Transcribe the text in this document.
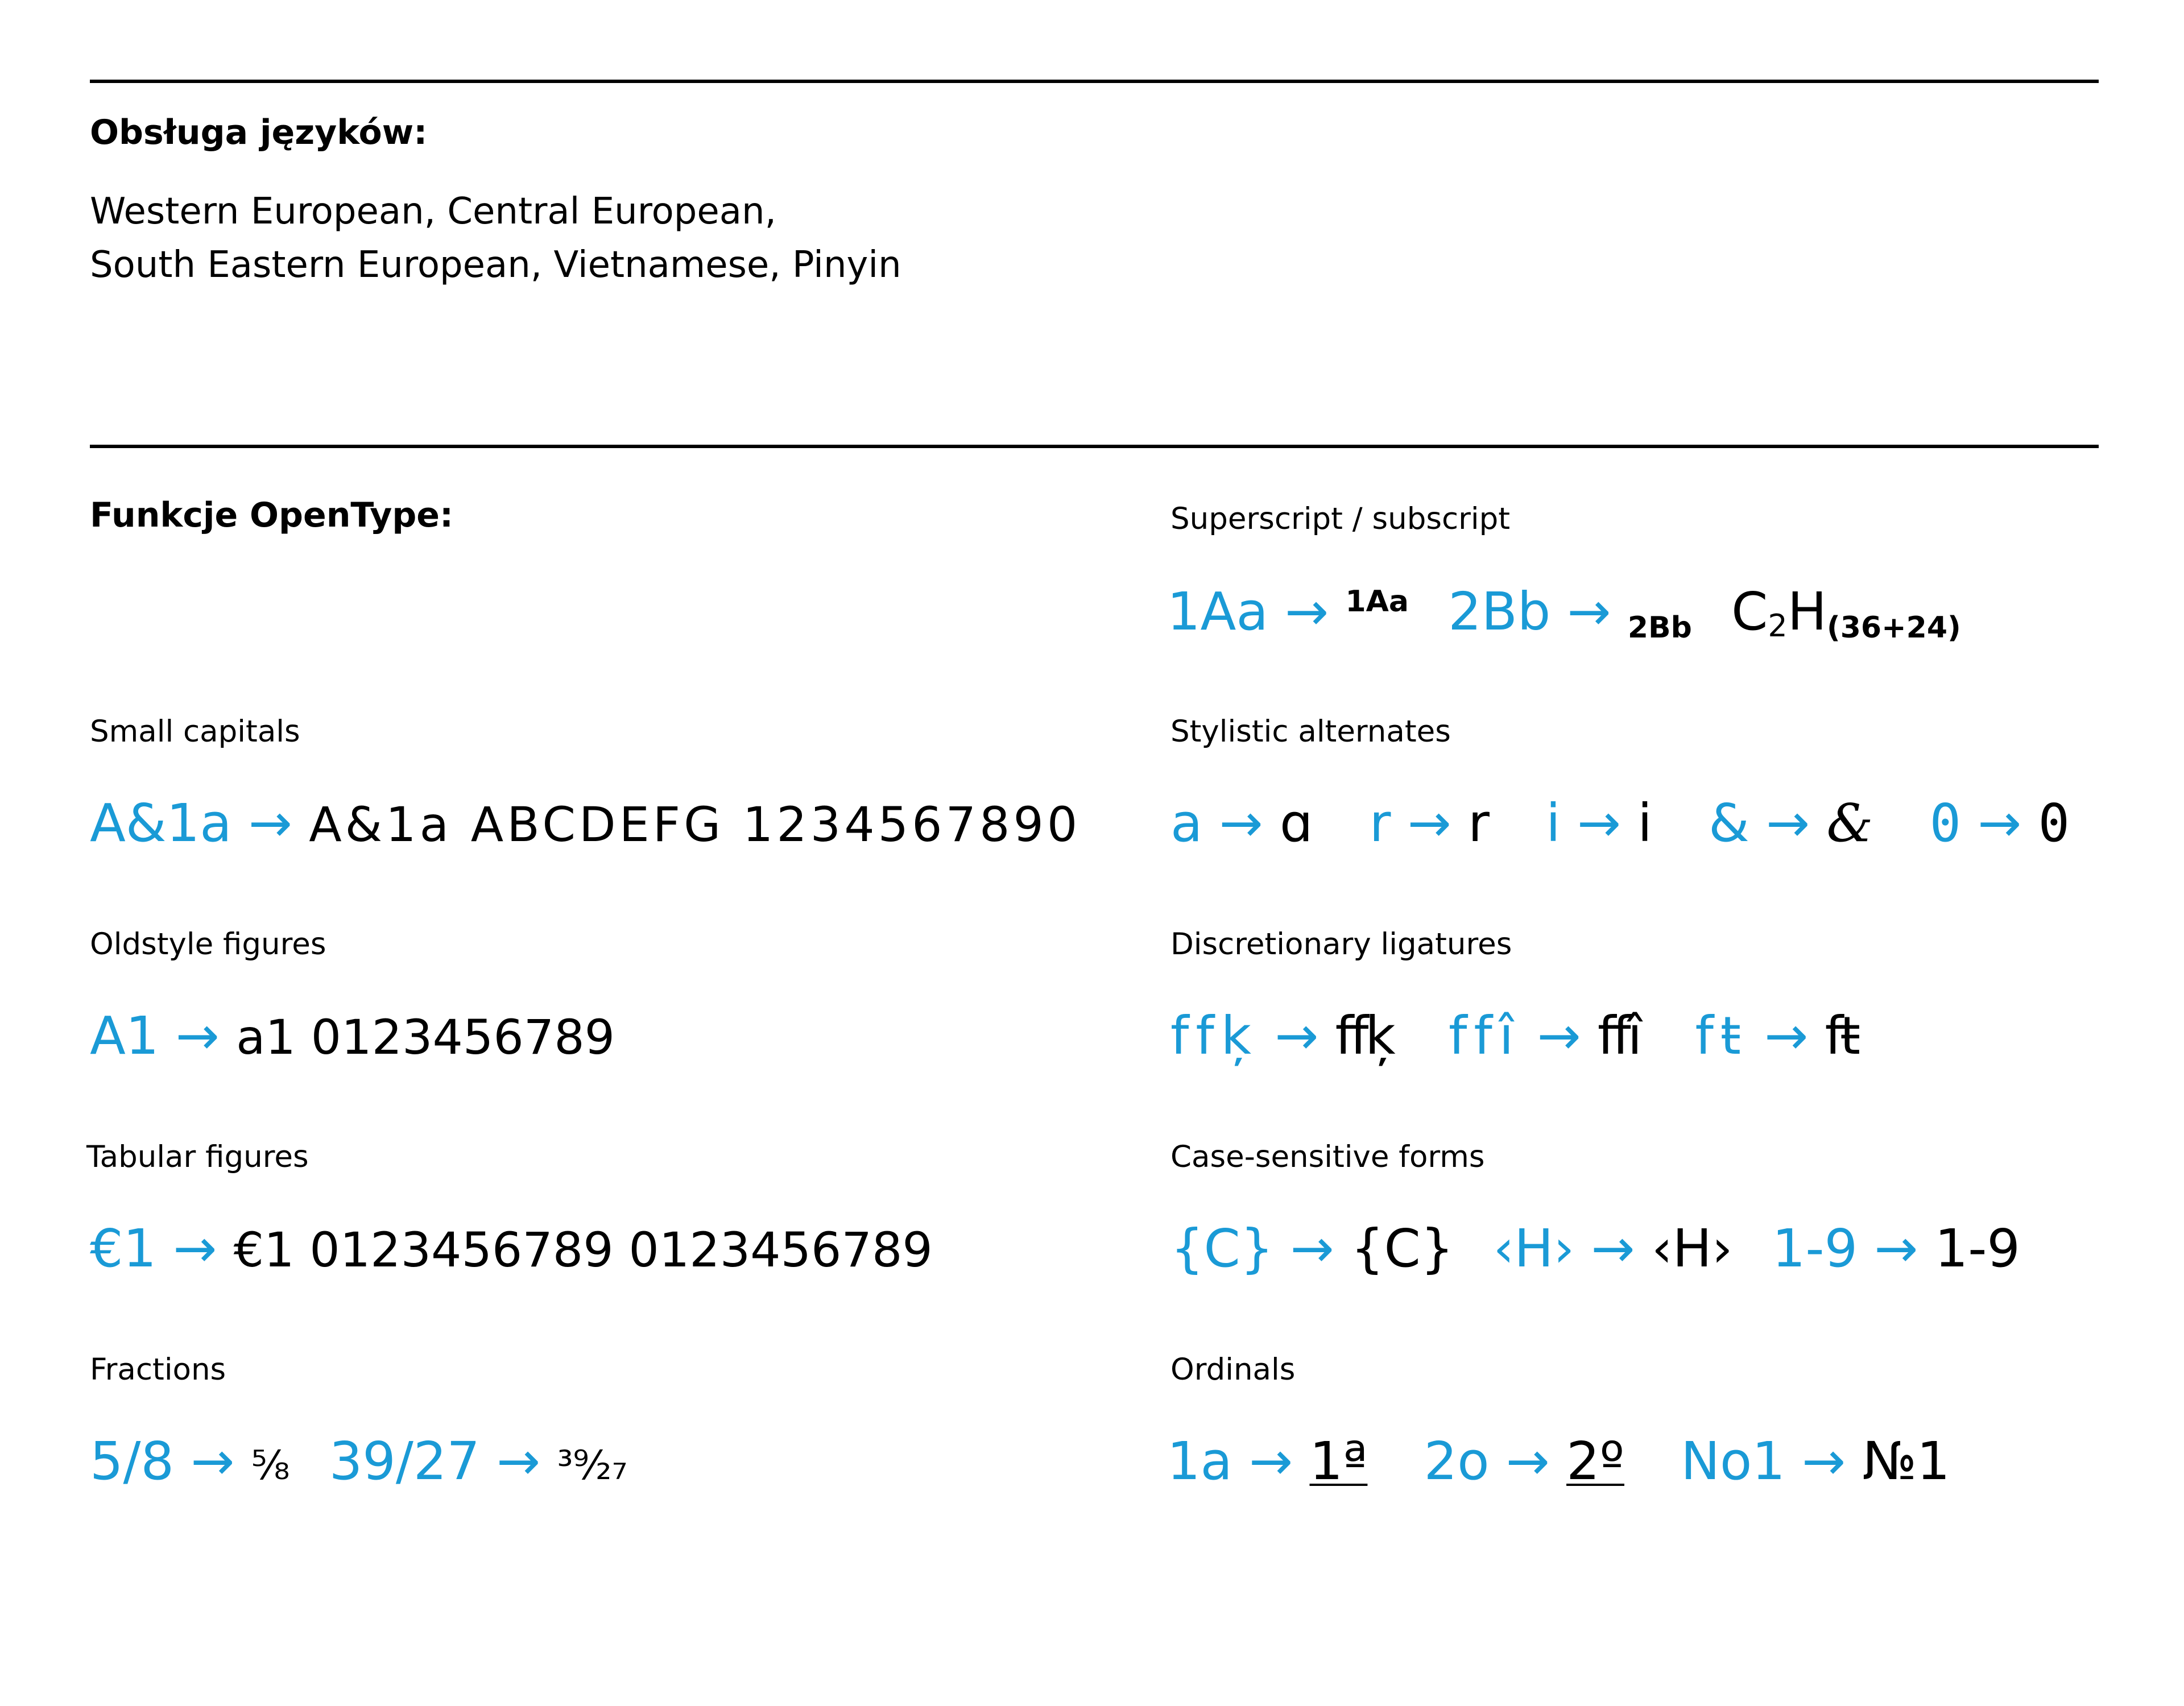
Obsługa języków:
Western European, Central European,
South Eastern European, Vietnamese, Pinyin
Funkcje OpenType:	Superscript / subscript
1Aa → $^{1Aa}$ 2Bb → $_{2Bb}$ $C2H_{(36+24)}$
Small capitals
A&1a → A&1a ABCDEFG 1234567890
Stylistic alternates
a → ɑ r → r i → i & → & 0 → 0
Oldstyle figures
A1 → a1 0123456789
Discretionary ligatures
ffķ → ffķ ffî → ffî fŧ → fŧ
Tabular figures
€1 → €1 0123456789 0123456789
Case-sensitive forms
{C} → {C} ‹H› → ‹H› 1-9 → 1-9
Fractions
5/8 → ⅝ 39/27 → ³⁹⁄₂₇
Ordinals
1a → 1ª 2o → 2º No1 → №1
